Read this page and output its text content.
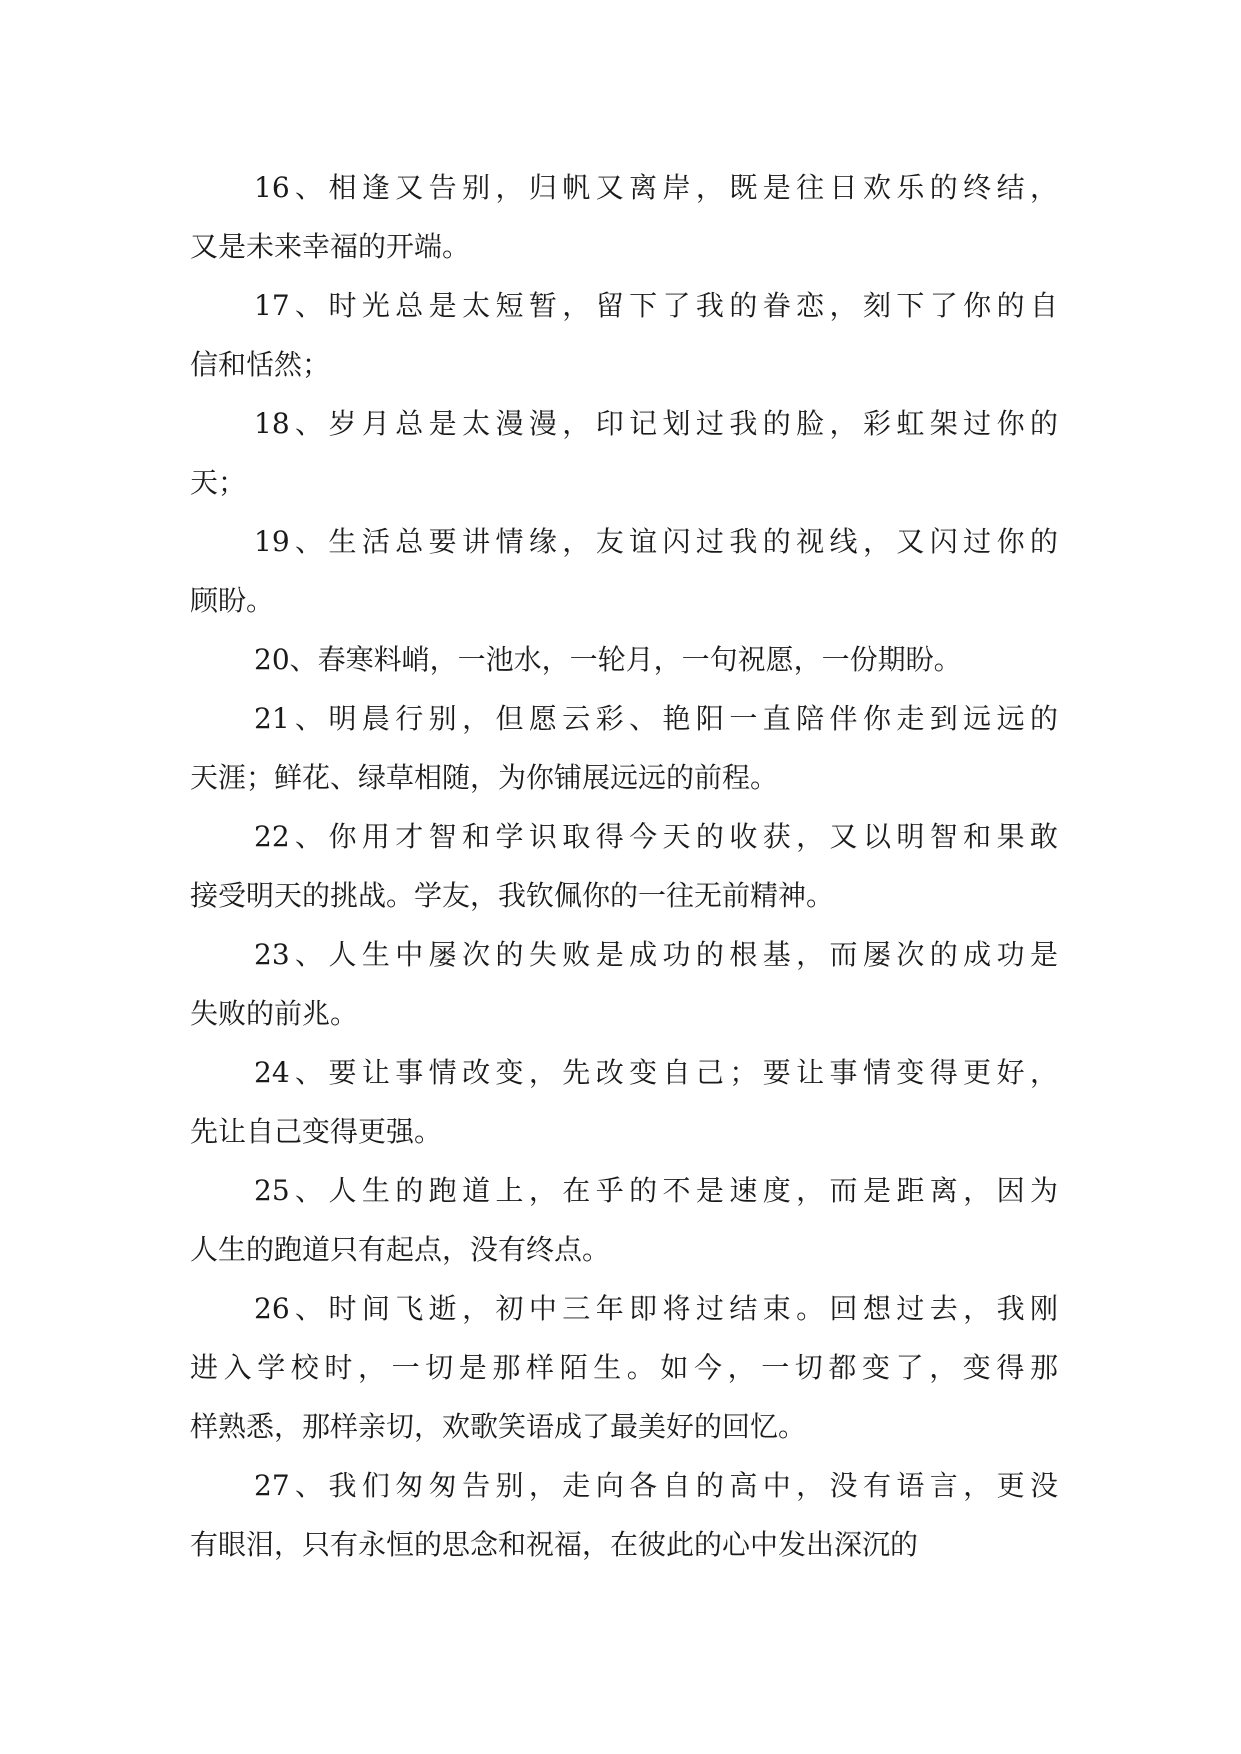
16、相逢又告别，归帆又离岸，既是往日欢乐的终结，
又是未来幸福的开端。
17、时光总是太短暂，留下了我的眷恋，刻下了你的自
信和恬然；
18、岁月总是太漫漫，印记划过我的脸，彩虹架过你的
天；
19、生活总要讲情缘，友谊闪过我的视线，又闪过你的
顾盼。
20、春寒料峭，一池水，一轮月，一句祝愿，一份期盼。
21、明晨行别，但愿云彩、艳阳一直陪伴你走到远远的
天涯；鲜花、绿草相随，为你铺展远远的前程。
22、你用才智和学识取得今天的收获，又以明智和果敢
接受明天的挑战。学友，我钦佩你的一往无前精神。
23、人生中屡次的失败是成功的根基，而屡次的成功是
失败的前兆。
24、要让事情改变，先改变自己；要让事情变得更好，
先让自己变得更强。
25、人生的跑道上，在乎的不是速度，而是距离，因为
人生的跑道只有起点，没有终点。
26、时间飞逝，初中三年即将过结束。回想过去，我刚
进入学校时，一切是那样陌生。如今，一切都变了，变得那
样熟悉，那样亲切，欢歌笑语成了最美好的回忆。
27、我们匆匆告别，走向各自的高中，没有语言，更没
有眼泪，只有永恒的思念和祝福，在彼此的心中发出深沉的
